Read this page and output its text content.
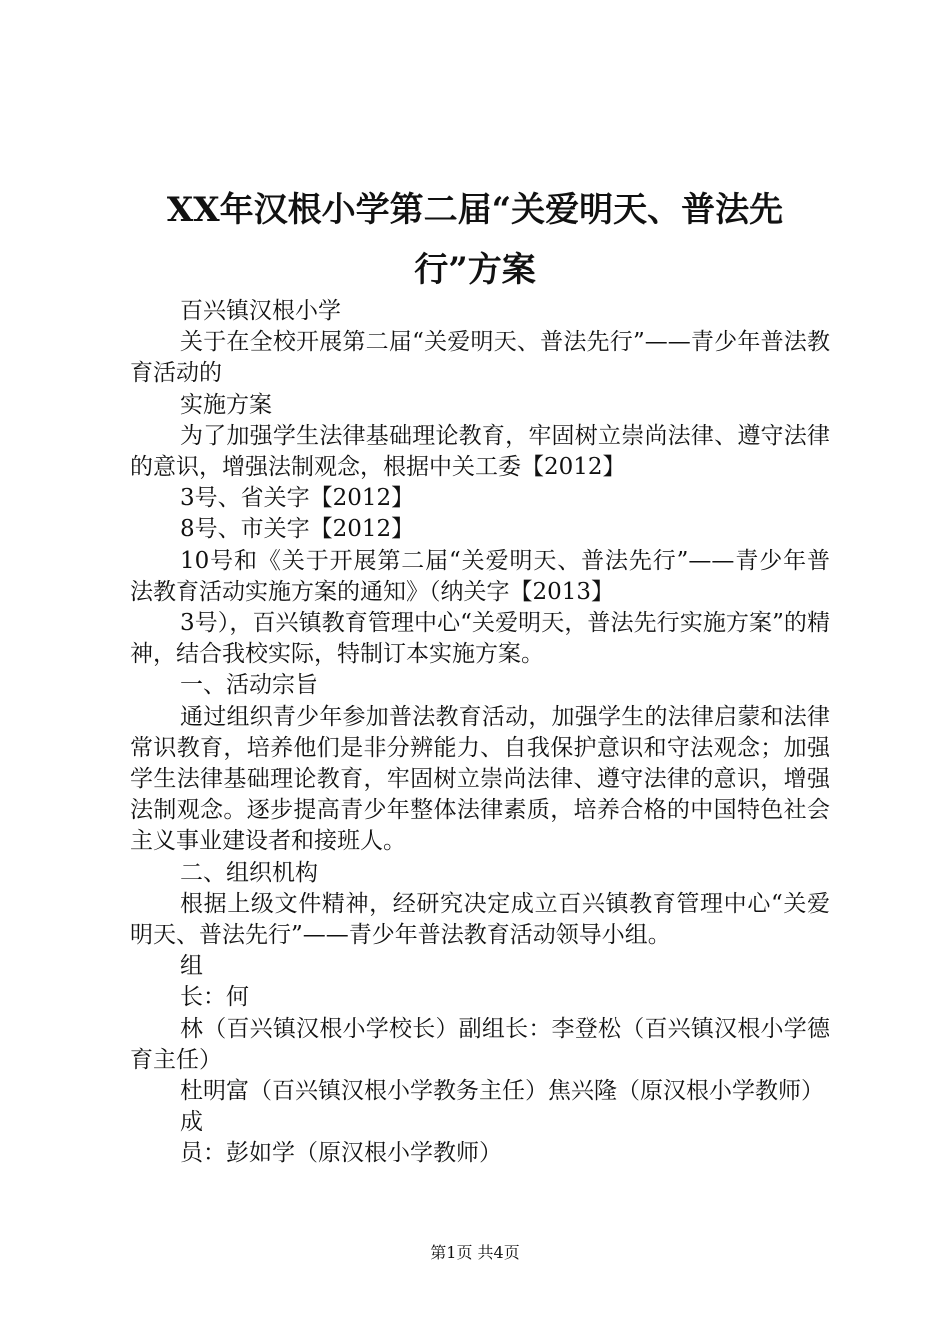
XX年汉根小学第二届“关爱明天、普法先
行”方案

百兴镇汉根小学

关于在全校开展第二届“关爱明天、普法先行”——青少年普法教育活动的

实施方案

为了加强学生法律基础理论教育，牢固树立崇尚法律、遵守法律的意识，增强法制观念，根据中关工委【2012】

3号、省关字【2012】

8号、市关字【2012】

10号和《关于开展第二届“关爱明天、普法先行”——青少年普法教育活动实施方案的通知》（纳关字【2013】

3号），百兴镇教育管理中心“关爱明天，普法先行实施方案”的精神，结合我校实际，特制订本实施方案。

一、活动宗旨

通过组织青少年参加普法教育活动，加强学生的法律启蒙和法律常识教育，培养他们是非分辨能力、自我保护意识和守法观念；加强学生法律基础理论教育，牢固树立崇尚法律、遵守法律的意识，增强法制观念。逐步提高青少年整体法律素质，培养合格的中国特色社会主义事业建设者和接班人。

二、组织机构

根据上级文件精神，经研究决定成立百兴镇教育管理中心“关爱明天、普法先行”——青少年普法教育活动领导小组。

组

长：何

林（百兴镇汉根小学校长）副组长：李登松（百兴镇汉根小学德育主任）

杜明富（百兴镇汉根小学教务主任）焦兴隆（原汉根小学教师）

成

员：彭如学（原汉根小学教师）

第1页 共4页
